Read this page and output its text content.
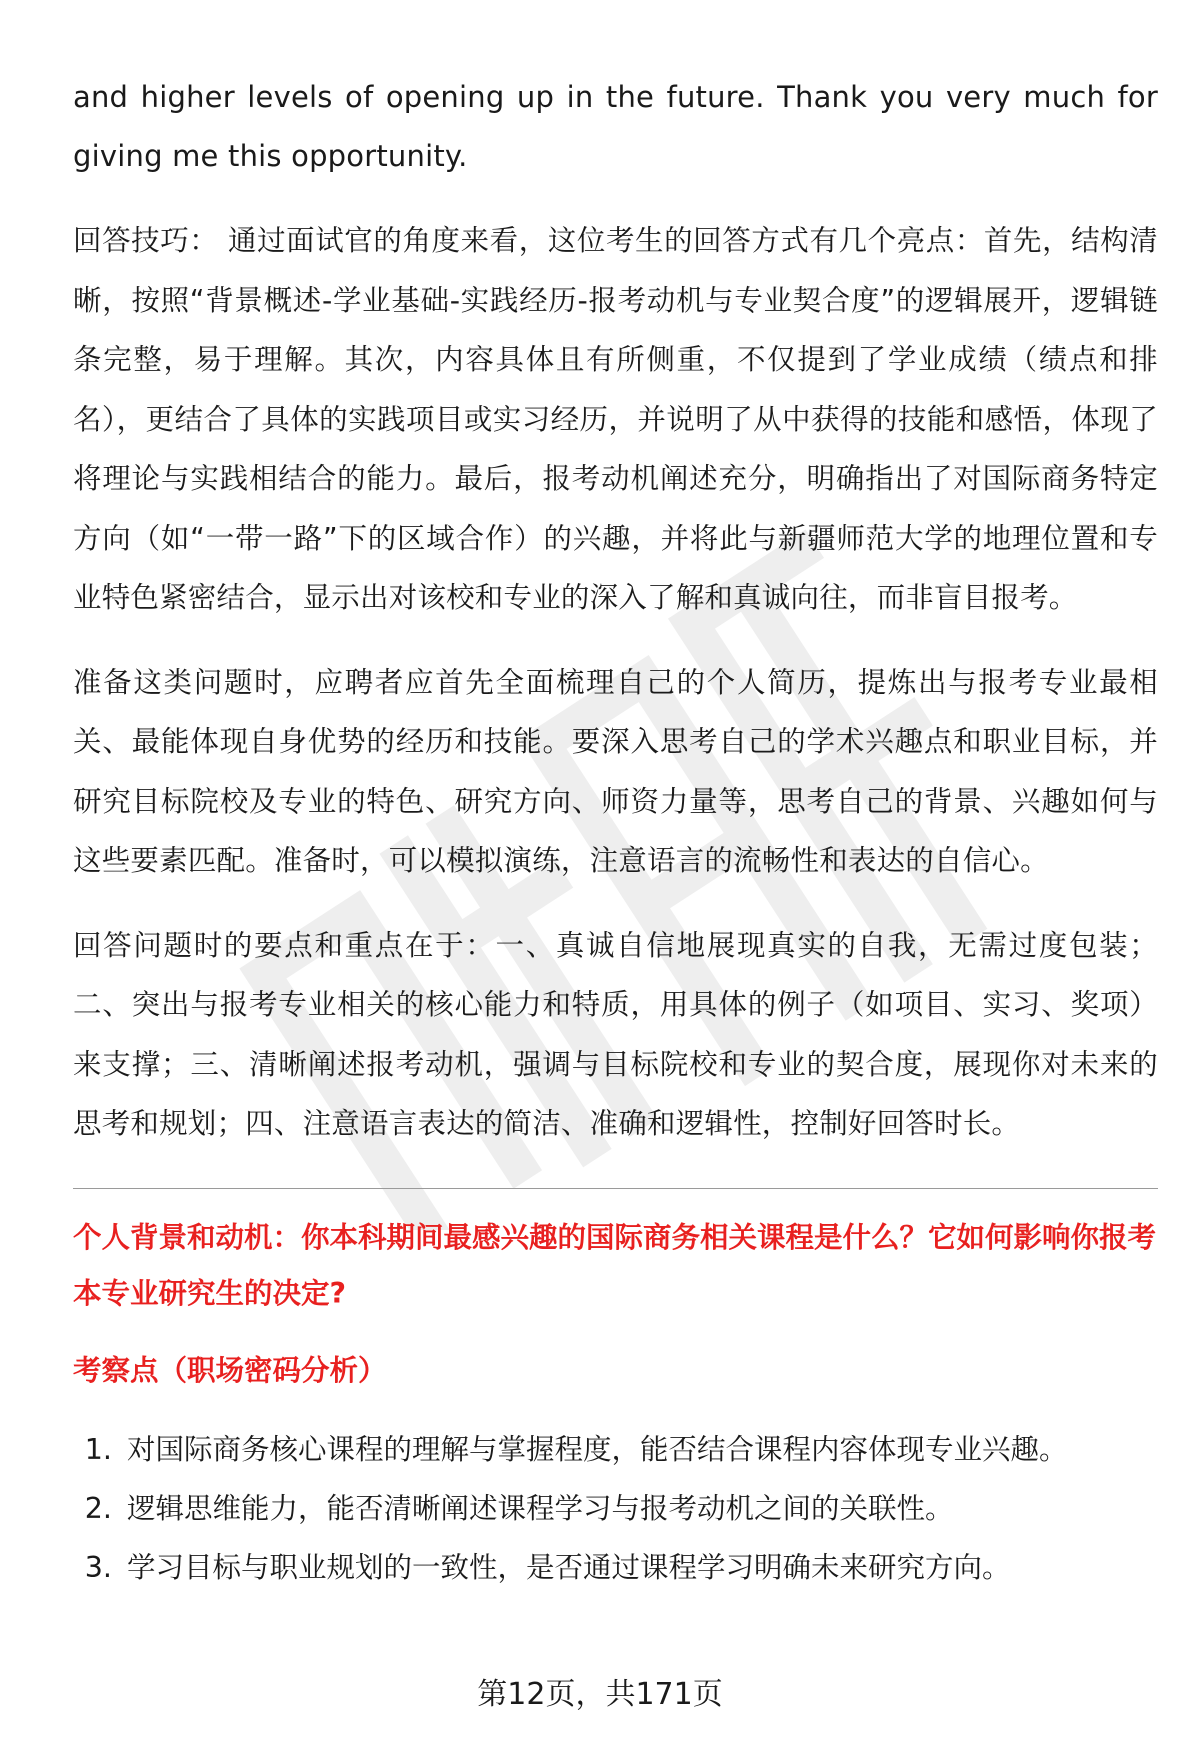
and higher levels of opening up in the future. Thank you very much for giving me this opportunity.

回答技巧： 通过面试官的角度来看，这位考生的回答方式有几个亮点：首先，结构清晰，按照“背景概述-学业基础-实践经历-报考动机与专业契合度”的逻辑展开，逻辑链条完整，易于理解。其次，内容具体且有所侧重，不仅提到了学业成绩（绩点和排名），更结合了具体的实践项目或实习经历，并说明了从中获得的技能和感悟，体现了将理论与实践相结合的能力。最后，报考动机阐述充分，明确指出了对国际商务特定方向（如“一带一路”下的区域合作）的兴趣，并将此与新疆师范大学的地理位置和专业特色紧密结合，显示出对该校和专业的深入了解和真诚向往，而非盲目报考。

准备这类问题时，应聘者应首先全面梳理自己的个人简历，提炼出与报考专业最相关、最能体现自身优势的经历和技能。要深入思考自己的学术兴趣点和职业目标，并研究目标院校及专业的特色、研究方向、师资力量等，思考自己的背景、兴趣如何与这些要素匹配。准备时，可以模拟演练，注意语言的流畅性和表达的自信心。

回答问题时的要点和重点在于：一、真诚自信地展现真实的自我，无需过度包装；二、突出与报考专业相关的核心能力和特质，用具体的例子（如项目、实习、奖项）来支撑；三、清晰阐述报考动机，强调与目标院校和专业的契合度，展现你对未来的思考和规划；四、注意语言表达的简洁、准确和逻辑性，控制好回答时长。

个人背景和动机：你本科期间最感兴趣的国际商务相关课程是什么？它如何影响你报考本专业研究生的决定?

考察点（职场密码分析）

1. 对国际商务核心课程的理解与掌握程度，能否结合课程内容体现专业兴趣。
2. 逻辑思维能力，能否清晰阐述课程学习与报考动机之间的关联性。
3. 学习目标与职业规划的一致性，是否通过课程学习明确未来研究方向。
第12页，共171页
